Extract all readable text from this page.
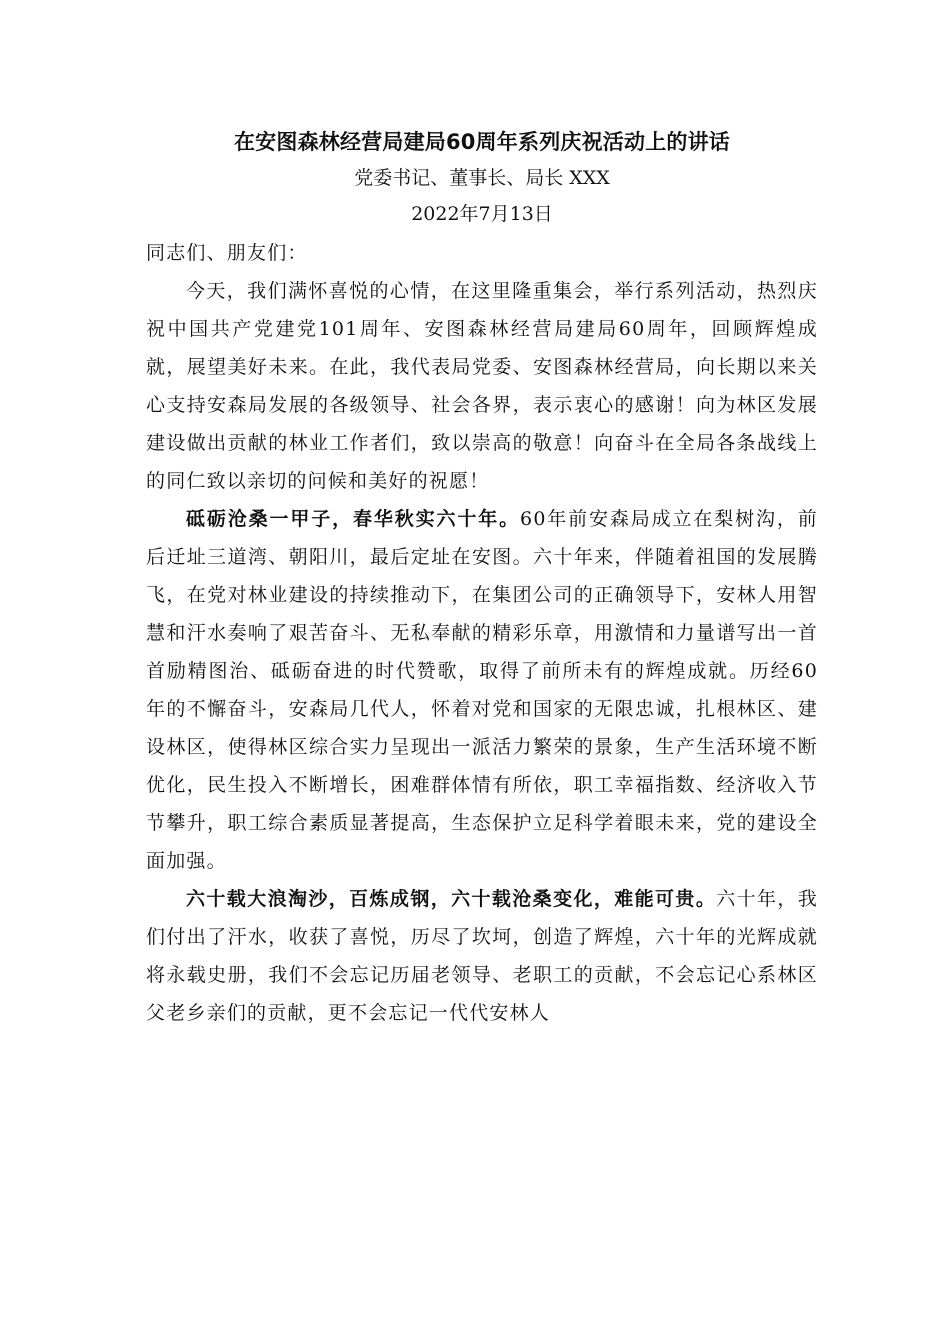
在安图森林经营局建局60周年系列庆祝活动上的讲话

党委书记、董事长、局长 XXX

2022年7月13日

同志们、朋友们：

今天，我们满怀喜悦的心情，在这里隆重集会，举行系列活动，热烈庆祝中国共产党建党101周年、安图森林经营局建局60周年，回顾辉煌成就，展望美好未来。在此，我代表局党委、安图森林经营局，向长期以来关心支持安森局发展的各级领导、社会各界，表示衷心的感谢！向为林区发展建设做出贡献的林业工作者们，致以崇高的敬意！向奋斗在全局各条战线上的同仁致以亲切的问候和美好的祝愿！

砥砺沧桑一甲子，春华秋实六十年。60年前安森局成立在梨树沟，前后迁址三道湾、朝阳川，最后定址在安图。六十年来，伴随着祖国的发展腾飞，在党对林业建设的持续推动下，在集团公司的正确领导下，安林人用智慧和汗水奏响了艰苦奋斗、无私奉献的精彩乐章，用激情和力量谱写出一首首励精图治、砥砺奋进的时代赞歌，取得了前所未有的辉煌成就。历经60年的不懈奋斗，安森局几代人，怀着对党和国家的无限忠诚，扎根林区、建设林区，使得林区综合实力呈现出一派活力繁荣的景象，生产生活环境不断优化，民生投入不断增长，困难群体情有所依，职工幸福指数、经济收入节节攀升，职工综合素质显著提高，生态保护立足科学着眼未来，党的建设全面加强。

六十载大浪淘沙，百炼成钢，六十载沧桑变化，难能可贵。六十年，我们付出了汗水，收获了喜悦，历尽了坎坷，创造了辉煌，六十年的光辉成就将永载史册，我们不会忘记历届老领导、老职工的贡献，不会忘记心系林区父老乡亲们的贡献，更不会忘记一代代安林人
